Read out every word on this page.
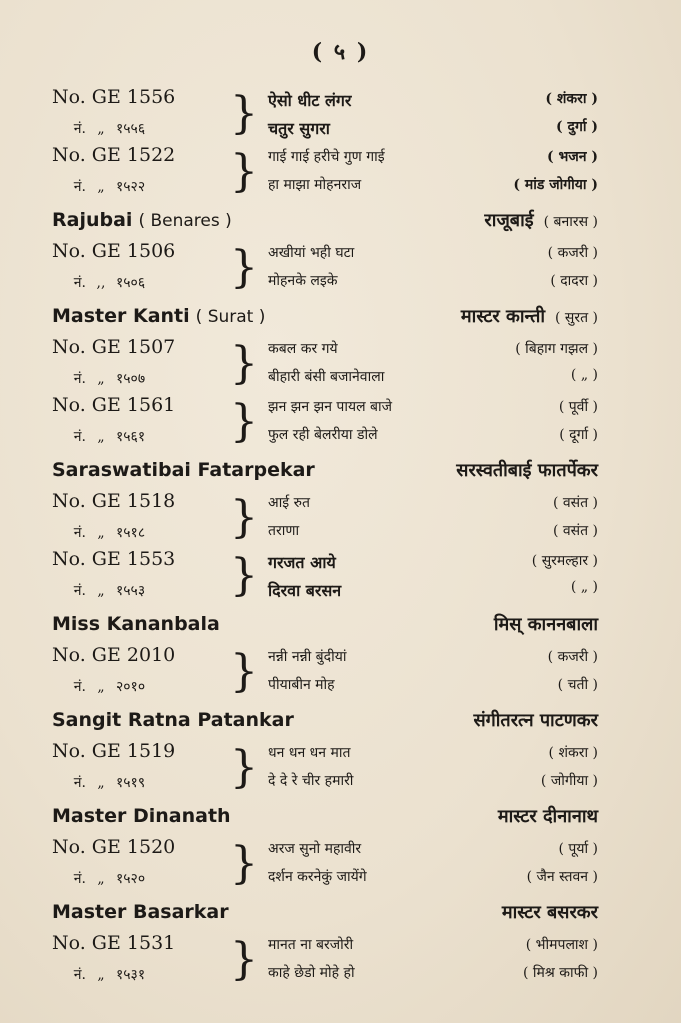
( ५ )
No. GE 1556	ऐसो धीट लंगर	( शंकरा )
नं. „ १५५६	चतुर सुगरा	( दुर्गा )
}
No. GE 1522	गाई गाई हरीचे गुण गाई	( भजन )
नं. „ १५२२	हा माझा मोहनराज	( मांड जोगीया )
}
Rajubai ( Benares )	राजूबाई ( बनारस )
No. GE 1506	अखीयां भही घटा	( कजरी )
नं. ,, १५०६	मोहनके लइके	( दादरा )
}
Master Kanti ( Surat )	मास्टर कान्ती ( सुरत )
No. GE 1507	कबल कर गये	( बिहाग गझल )
नं. „ १५०७	बीहारी बंसी बजानेवाला	( „ )
}
No. GE 1561	झन झन झन पायल बाजे	( पूर्वी )
नं. „ १५६१	फुल रही बेलरीया डोले	( दूर्गा )
}
Saraswatibai Fatarpekar	सरस्वतीबाई फातर्पेकर
No. GE 1518	आई रुत	( वसंत )
नं. „ १५१८	तराणा	( वसंत )
}
No. GE 1553	गरजत आये	( सुरमल्हार )
नं. „ १५५३	दिरवा बरसन	( „ )
}
Miss Kananbala	मिस् काननबाला
No. GE 2010	नन्नी नन्नी बुंदीयां	( कजरी )
नं. „ २०१०	पीयाबीन मोह	( चती )
}
Sangit Ratna Patankar	संगीतरत्न पाटणकर
No. GE 1519	धन धन धन मात	( शंकरा )
नं. „ १५१९	दे दे रे चीर हमारी	( जोगीया )
}
Master Dinanath	मास्टर दीनानाथ
No. GE 1520	अरज सुनो महावीर	( पूर्या )
नं. „ १५२०	दर्शन करनेकुं जायेंगे	( जैन स्तवन )
}
Master Basarkar	मास्टर बसरकर
No. GE 1531	मानत ना बरजोरी	( भीमपलाश )
नं. „ १५३१	काहे छेडो मोहे हो	( मिश्र काफी )
}
